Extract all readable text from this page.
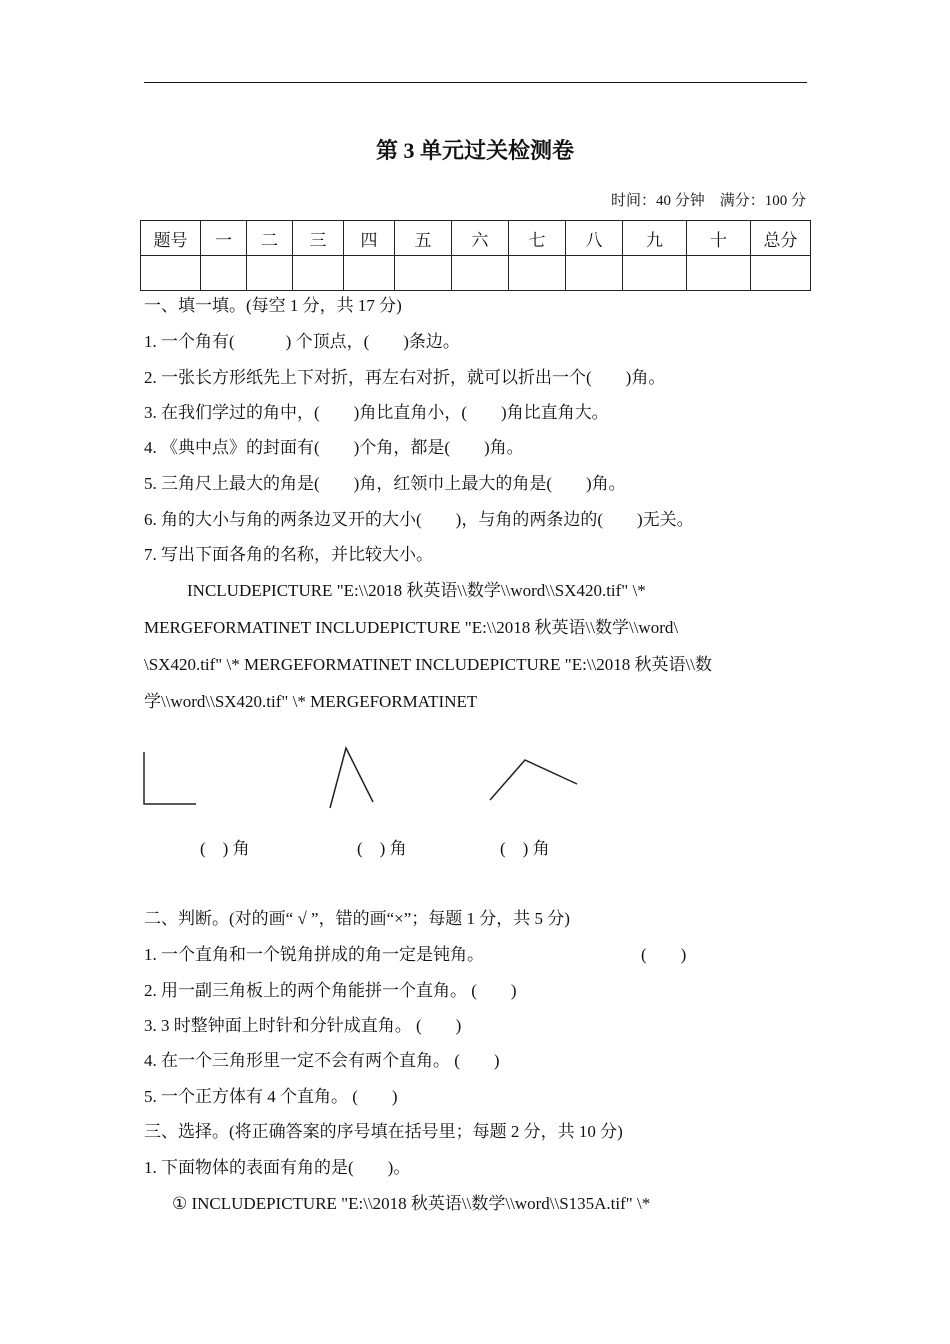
第 3 单元过关检测卷
时间：40 分钟　满分：100 分
题号	一	二	三	四	五	六	七	八	九	十	总分

一、填一填。(每空 1 分，共 17 分)
1. 一个角有(　　　) 个顶点，(　　)条边。
2. 一张长方形纸先上下对折，再左右对折，就可以折出一个(　　)角。
3. 在我们学过的角中，(　　)角比直角小，(　　)角比直角大。
4. 《典中点》的封面有(　　)个角，都是(　　)角。
5. 三角尺上最大的角是(　　)角，红领巾上最大的角是(　　)角。
6. 角的大小与角的两条边叉开的大小(　　)，与角的两条边的(　　)无关。
7. 写出下面各角的名称，并比较大小。
INCLUDEPICTURE "E:\\2018 秋英语\\数学\\word\\SX420.tif" \*
MERGEFORMATINET INCLUDEPICTURE "E:\\2018 秋英语\\数学\\word\
\SX420.tif" \* MERGEFORMATINET INCLUDEPICTURE "E:\\2018 秋英语\\数
学\\word\\SX420.tif" \* MERGEFORMATINET
(　) 角	(　) 角	(　) 角
二、判断。(对的画“ √ ”，错的画“×”；每题 1 分，共 5 分)
1. 一个直角和一个锐角拼成的角一定是钝角。	(　　)
2. 用一副三角板上的两个角能拼一个直角。 (　　)
3. 3 时整钟面上时针和分针成直角。 (　　)
4. 在一个三角形里一定不会有两个直角。 (　　)
5. 一个正方体有 4 个直角。 (　　)
三、选择。(将正确答案的序号填在括号里；每题 2 分，共 10 分)
1. 下面物体的表面有角的是(　　)。
① INCLUDEPICTURE "E:\\2018 秋英语\\数学\\word\\S135A.tif" \*
